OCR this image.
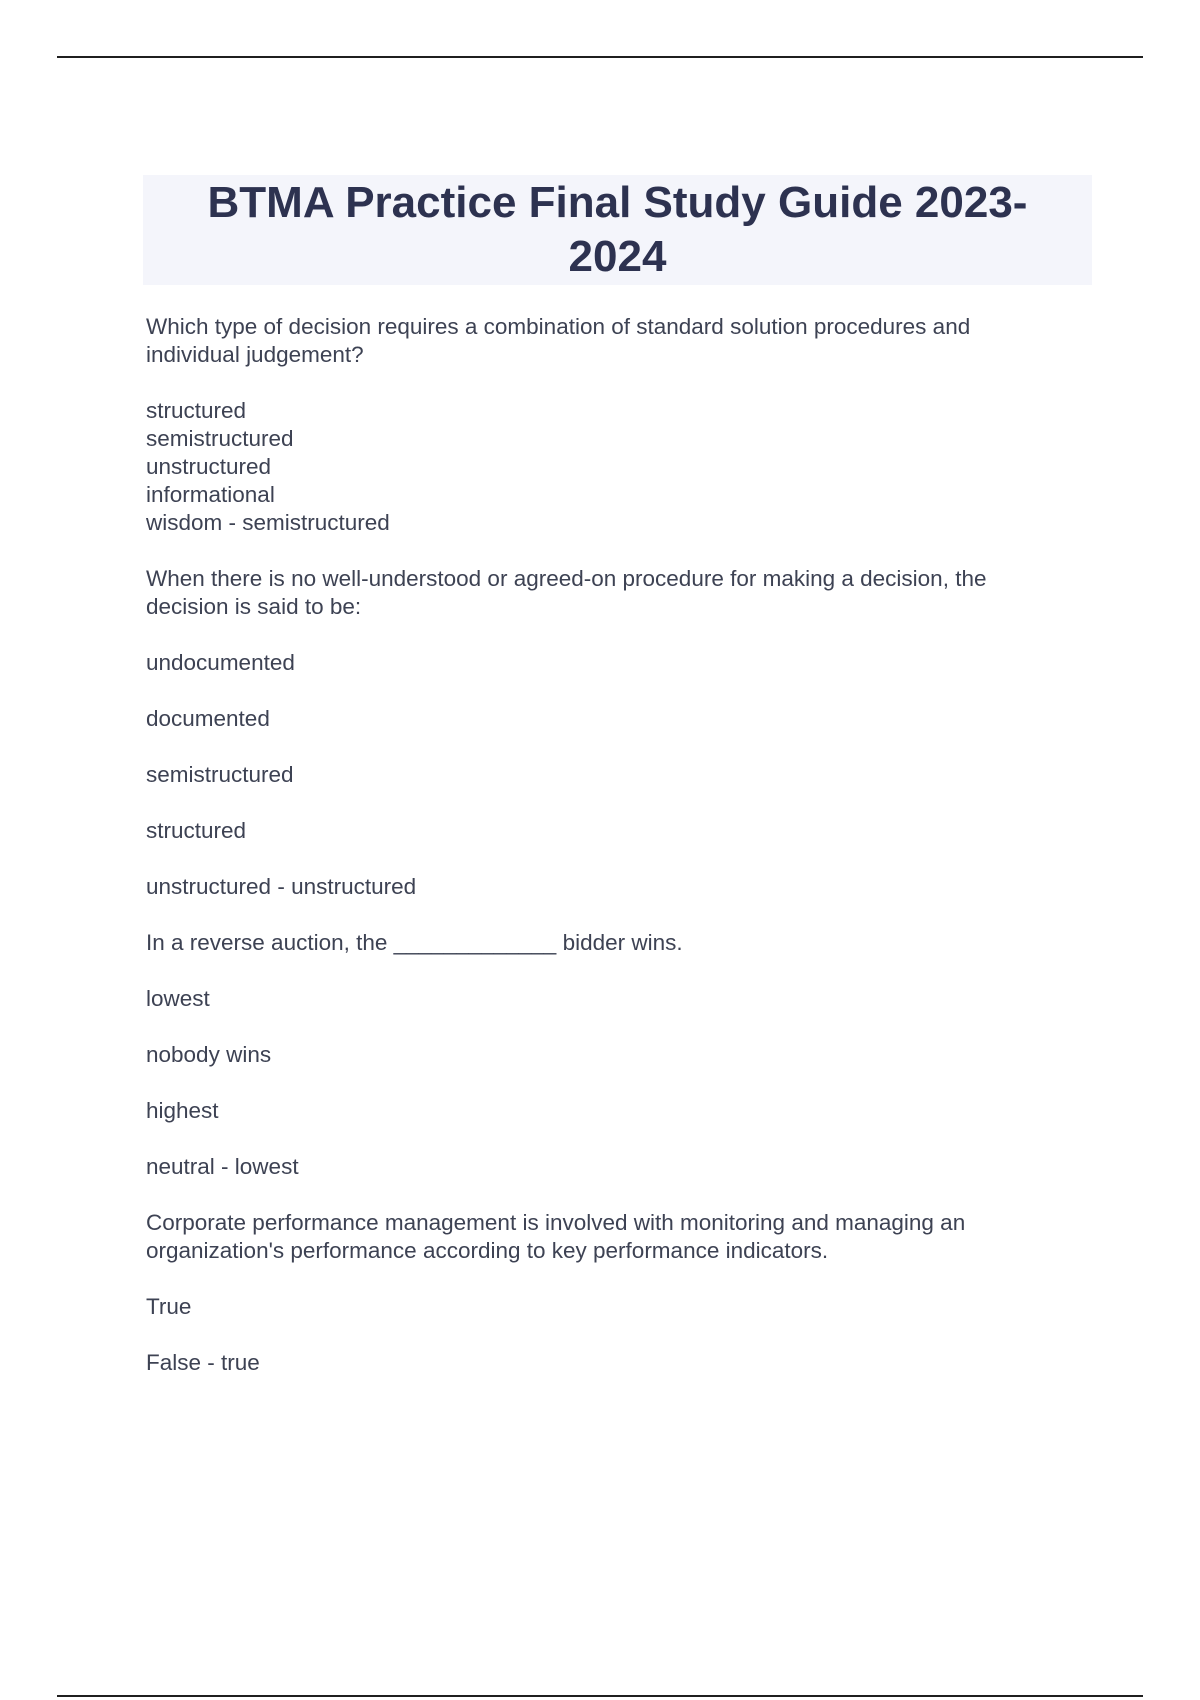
BTMA Practice Final Study Guide 2023-2024

Which type of decision requires a combination of standard solution procedures and individual judgement?

structured
semistructured
unstructured
informational
wisdom - semistructured

When there is no well-understood or agreed-on procedure for making a decision, the decision is said to be:

undocumented
documented
semistructured
structured
unstructured - unstructured

In a reverse auction, the _____________ bidder wins.

lowest
nobody wins
highest
neutral - lowest

Corporate performance management is involved with monitoring and managing an organization's performance according to key performance indicators.

True
False - true
